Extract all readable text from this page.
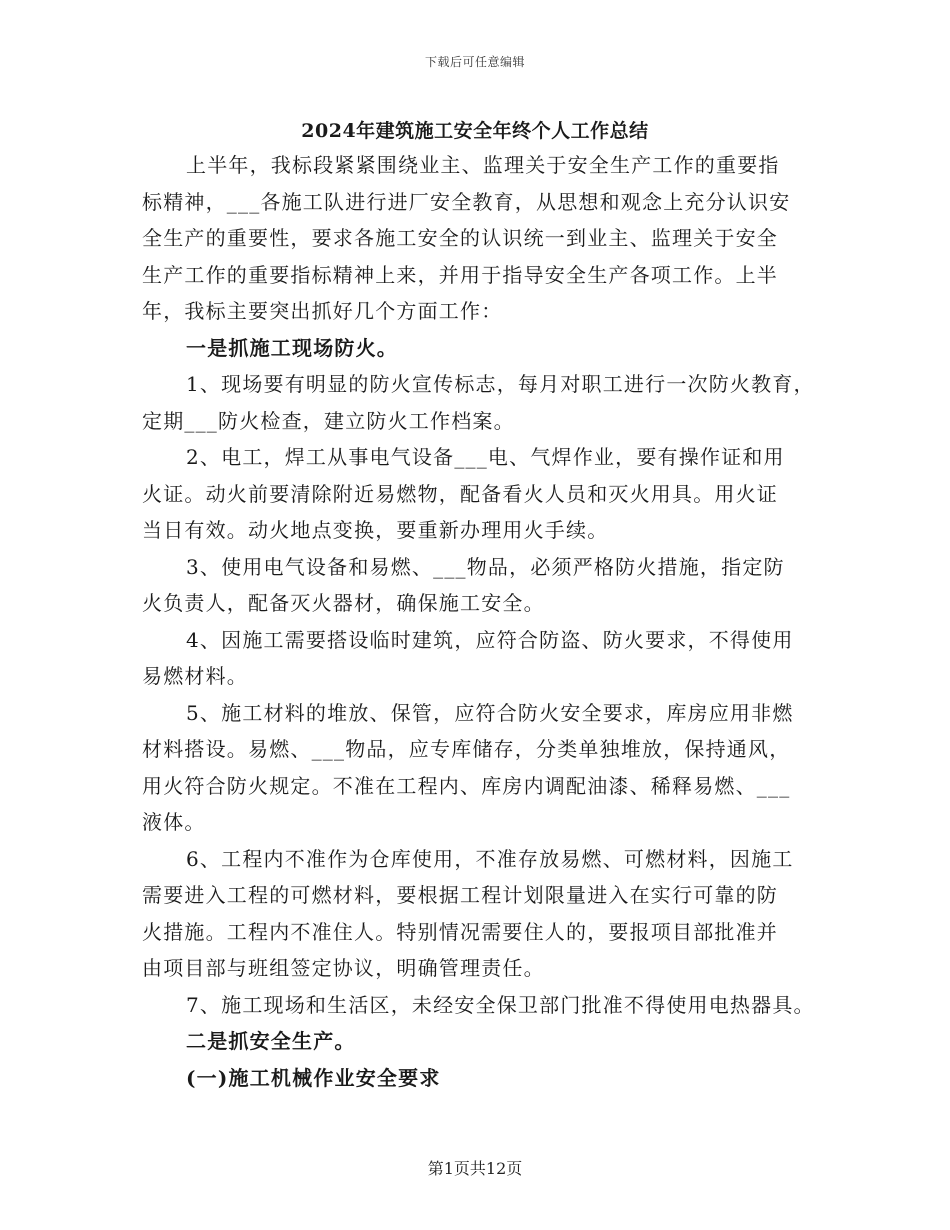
下载后可任意编辑
2024年建筑施工安全年终个人工作总结
上半年，我标段紧紧围绕业主、监理关于安全生产工作的重要指
标精神，___各施工队进行进厂安全教育，从思想和观念上充分认识安
全生产的重要性，要求各施工安全的认识统一到业主、监理关于安全
生产工作的重要指标精神上来，并用于指导安全生产各项工作。上半
年，我标主要突出抓好几个方面工作：
一是抓施工现场防火。
1、现场要有明显的防火宣传标志，每月对职工进行一次防火教育，
定期___防火检查，建立防火工作档案。
2、电工，焊工从事电气设备___电、气焊作业，要有操作证和用
火证。动火前要清除附近易燃物，配备看火人员和灭火用具。用火证
当日有效。动火地点变换，要重新办理用火手续。
3、使用电气设备和易燃、___物品，必须严格防火措施，指定防
火负责人，配备灭火器材，确保施工安全。
4、因施工需要搭设临时建筑，应符合防盗、防火要求，不得使用
易燃材料。
5、施工材料的堆放、保管，应符合防火安全要求，库房应用非燃
材料搭设。易燃、___物品，应专库储存，分类单独堆放，保持通风，
用火符合防火规定。不准在工程内、库房内调配油漆、稀释易燃、___
液体。
6、工程内不准作为仓库使用，不准存放易燃、可燃材料，因施工
需要进入工程的可燃材料，要根据工程计划限量进入在实行可靠的防
火措施。工程内不准住人。特别情况需要住人的，要报项目部批准并
由项目部与班组签定协议，明确管理责任。
7、施工现场和生活区，未经安全保卫部门批准不得使用电热器具。
二是抓安全生产。
(一)施工机械作业安全要求
第1页共12页
